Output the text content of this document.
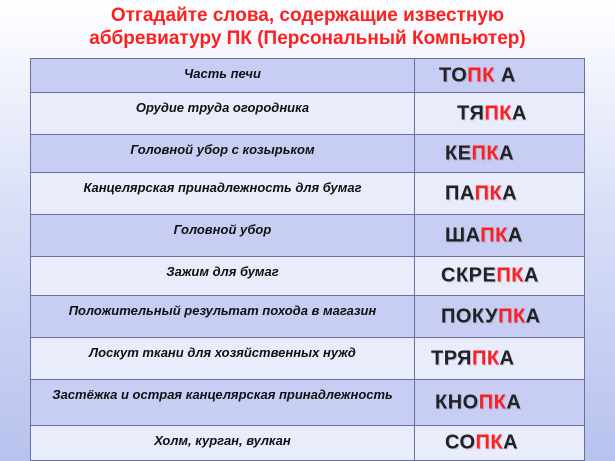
Отгадайте слова, содержащие известную
аббревиатуру ПК (Персональный Компьютер)
Часть печи	ТОПК А
Орудие труда огородника	ТЯПКА
Головной убор с козырьком	КЕПКА
Канцелярская принадлежность для бумаг	ПАПКА
Головной убор	ШАПКА
Зажим для бумаг	СКРЕПКА
Положительный результат похода в магазин	ПОКУПКА
Лоскут ткани для хозяйственных нужд	ТРЯПКА
Застёжка и острая канцелярская принадлежность	КНОПКА
Холм, курган, вулкан	СОПКА
